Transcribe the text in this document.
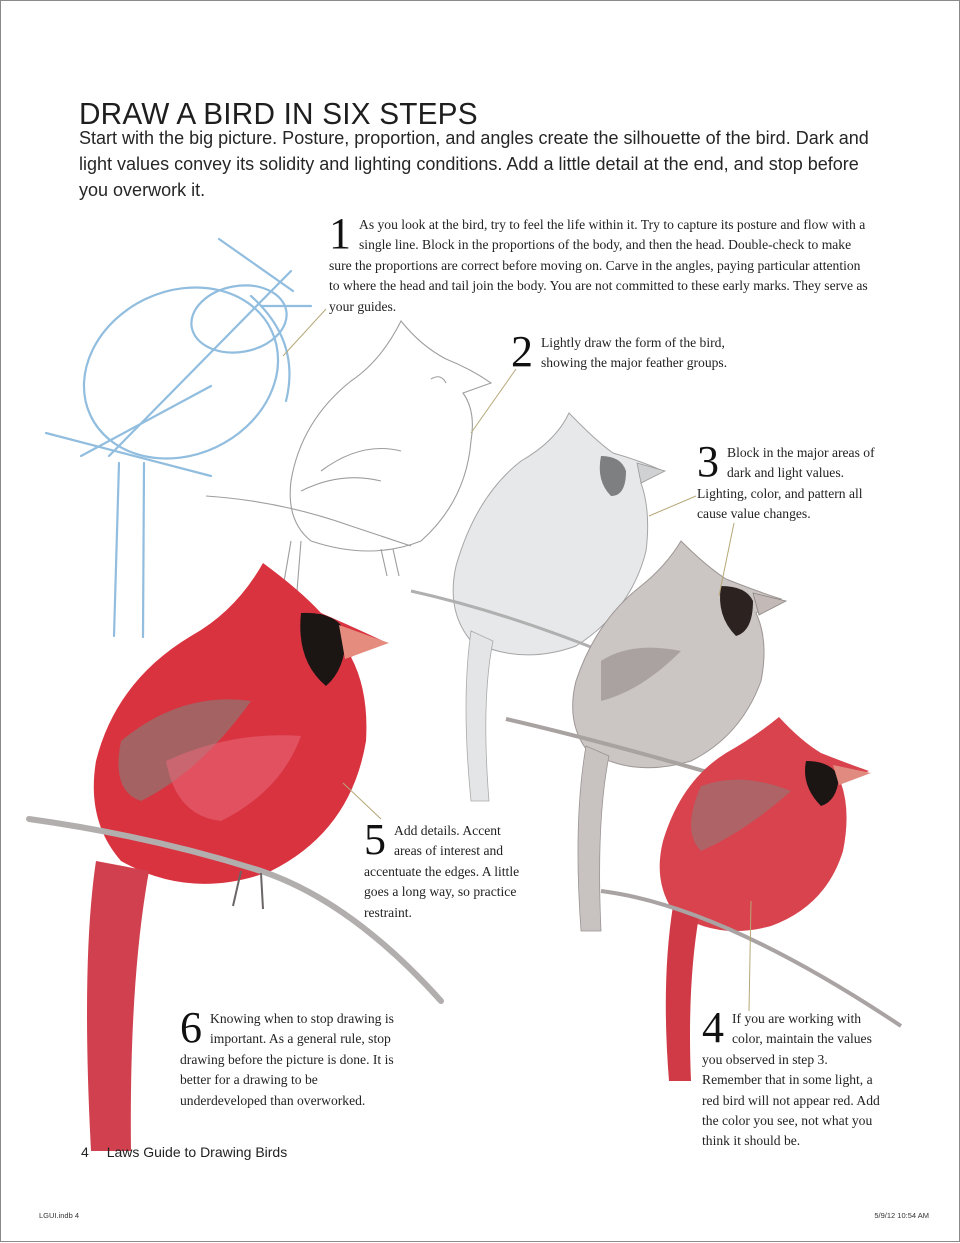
DRAW A BIRD IN SIX STEPS

Start with the big picture. Posture, proportion, and angles create the silhouette of the bird. Dark and light values convey its solidity and lighting conditions. Add a little detail at the end, and stop before you overwork it.

1 As you look at the bird, try to feel the life within it. Try to capture its posture and flow with a single line. Block in the proportions of the body, and then the head. Double-check to make sure the proportions are correct before moving on. Carve in the angles, paying particular attention to where the head and tail join the body. You are not committed to these early marks. They serve as your guides.
2 Lightly draw the form of the bird, showing the major feather groups.
3 Block in the major areas of dark and light values. Lighting, color, and pattern all cause value changes.
4 If you are working with color, maintain the values you observed in step 3. Remember that in some light, a red bird will not appear red. Add the color you see, not what you think it should be.
5 Add details. Accent areas of interest and accentuate the edges. A little goes a long way, so practice restraint.
6 Knowing when to stop drawing is important. As a general rule, stop drawing before the picture is done. It is better for a drawing to be underdeveloped than overworked.
4 Laws Guide to Drawing Birds
LGUI.indb 4	5/9/12 10:54 AM
